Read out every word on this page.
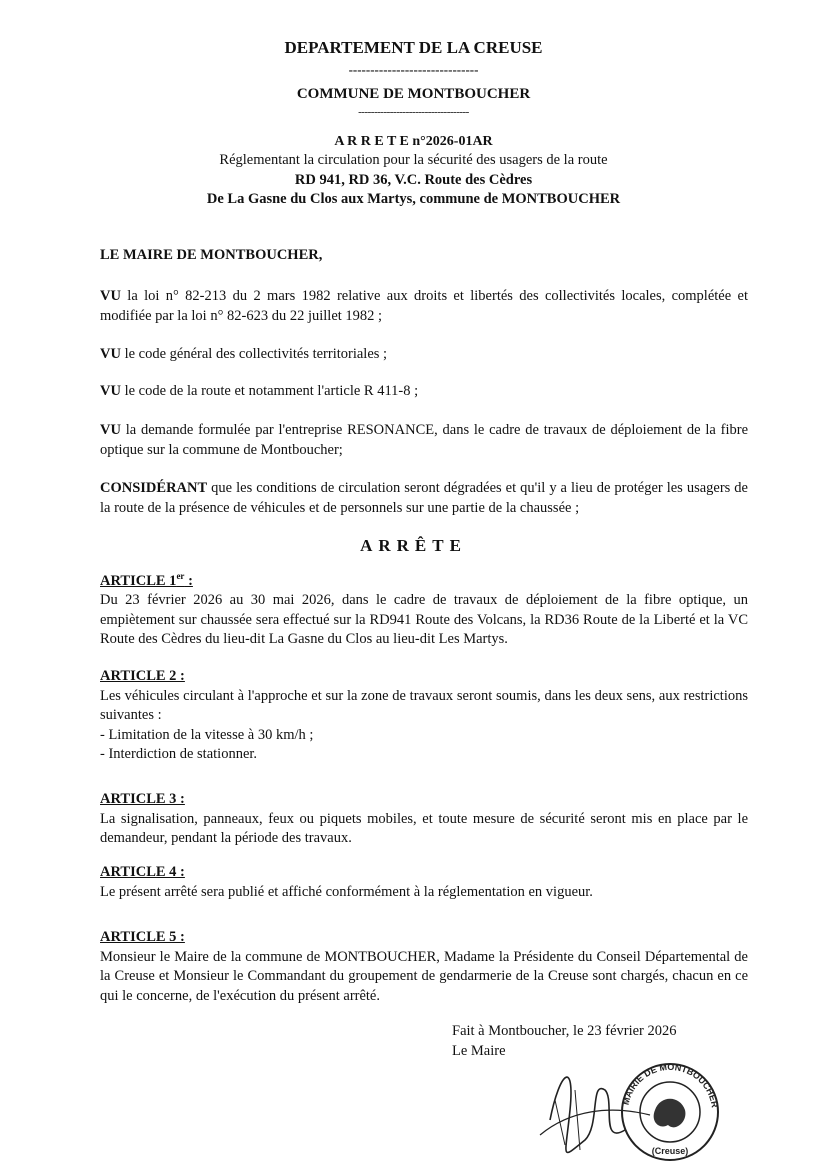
DEPARTEMENT DE LA CREUSE
------------------------------
COMMUNE DE MONTBOUCHER
-----------------------------------
A R R E T E n°2026-01AR
Réglementant la circulation pour la sécurité des usagers de la route
RD 941, RD 36, V.C. Route des Cèdres
De La Gasne du Clos aux Martys, commune de MONTBOUCHER
LE MAIRE DE MONTBOUCHER,
VU la loi n° 82-213 du 2 mars 1982 relative aux droits et libertés des collectivités locales, complétée et modifiée par la loi n° 82-623 du 22 juillet 1982 ;
VU le code général des collectivités territoriales ;
VU le code de la route et notamment l'article R 411-8 ;
VU la demande formulée par l'entreprise RESONANCE, dans le cadre de travaux de déploiement de la fibre optique sur la commune de Montboucher;
CONSIDÉRANT que les conditions de circulation seront dégradées et qu'il y a lieu de protéger les usagers de la route de la présence de véhicules et de personnels sur une partie de la chaussée ;
ARRÊTE
ARTICLE 1er :
Du 23 février 2026 au 30 mai 2026, dans le cadre de travaux de déploiement de la fibre optique, un empiètement sur chaussée sera effectué sur la RD941 Route des Volcans, la RD36 Route de la Liberté et la VC Route des Cèdres du lieu-dit La Gasne du Clos au lieu-dit Les Martys.
ARTICLE 2 :
Les véhicules circulant à l'approche et sur la zone de travaux seront soumis, dans les deux sens, aux restrictions suivantes :
- Limitation de la vitesse à 30 km/h ;
- Interdiction de stationner.
ARTICLE 3 :
La signalisation, panneaux, feux ou piquets mobiles, et toute mesure de sécurité seront mis en place par le demandeur, pendant la période des travaux.
ARTICLE 4 :
Le présent arrêté sera publié et affiché conformément à la réglementation en vigueur.
ARTICLE 5 :
Monsieur le Maire de la commune de MONTBOUCHER, Madame la Présidente du Conseil Départemental de la Creuse et Monsieur le Commandant du groupement de gendarmerie de la Creuse sont chargés, chacun en ce qui le concerne, de l'exécution du présent arrêté.
Fait à Montboucher, le 23 février 2026
Le Maire
MAIRIE DE MONTBOUCHER
(Creuse)
